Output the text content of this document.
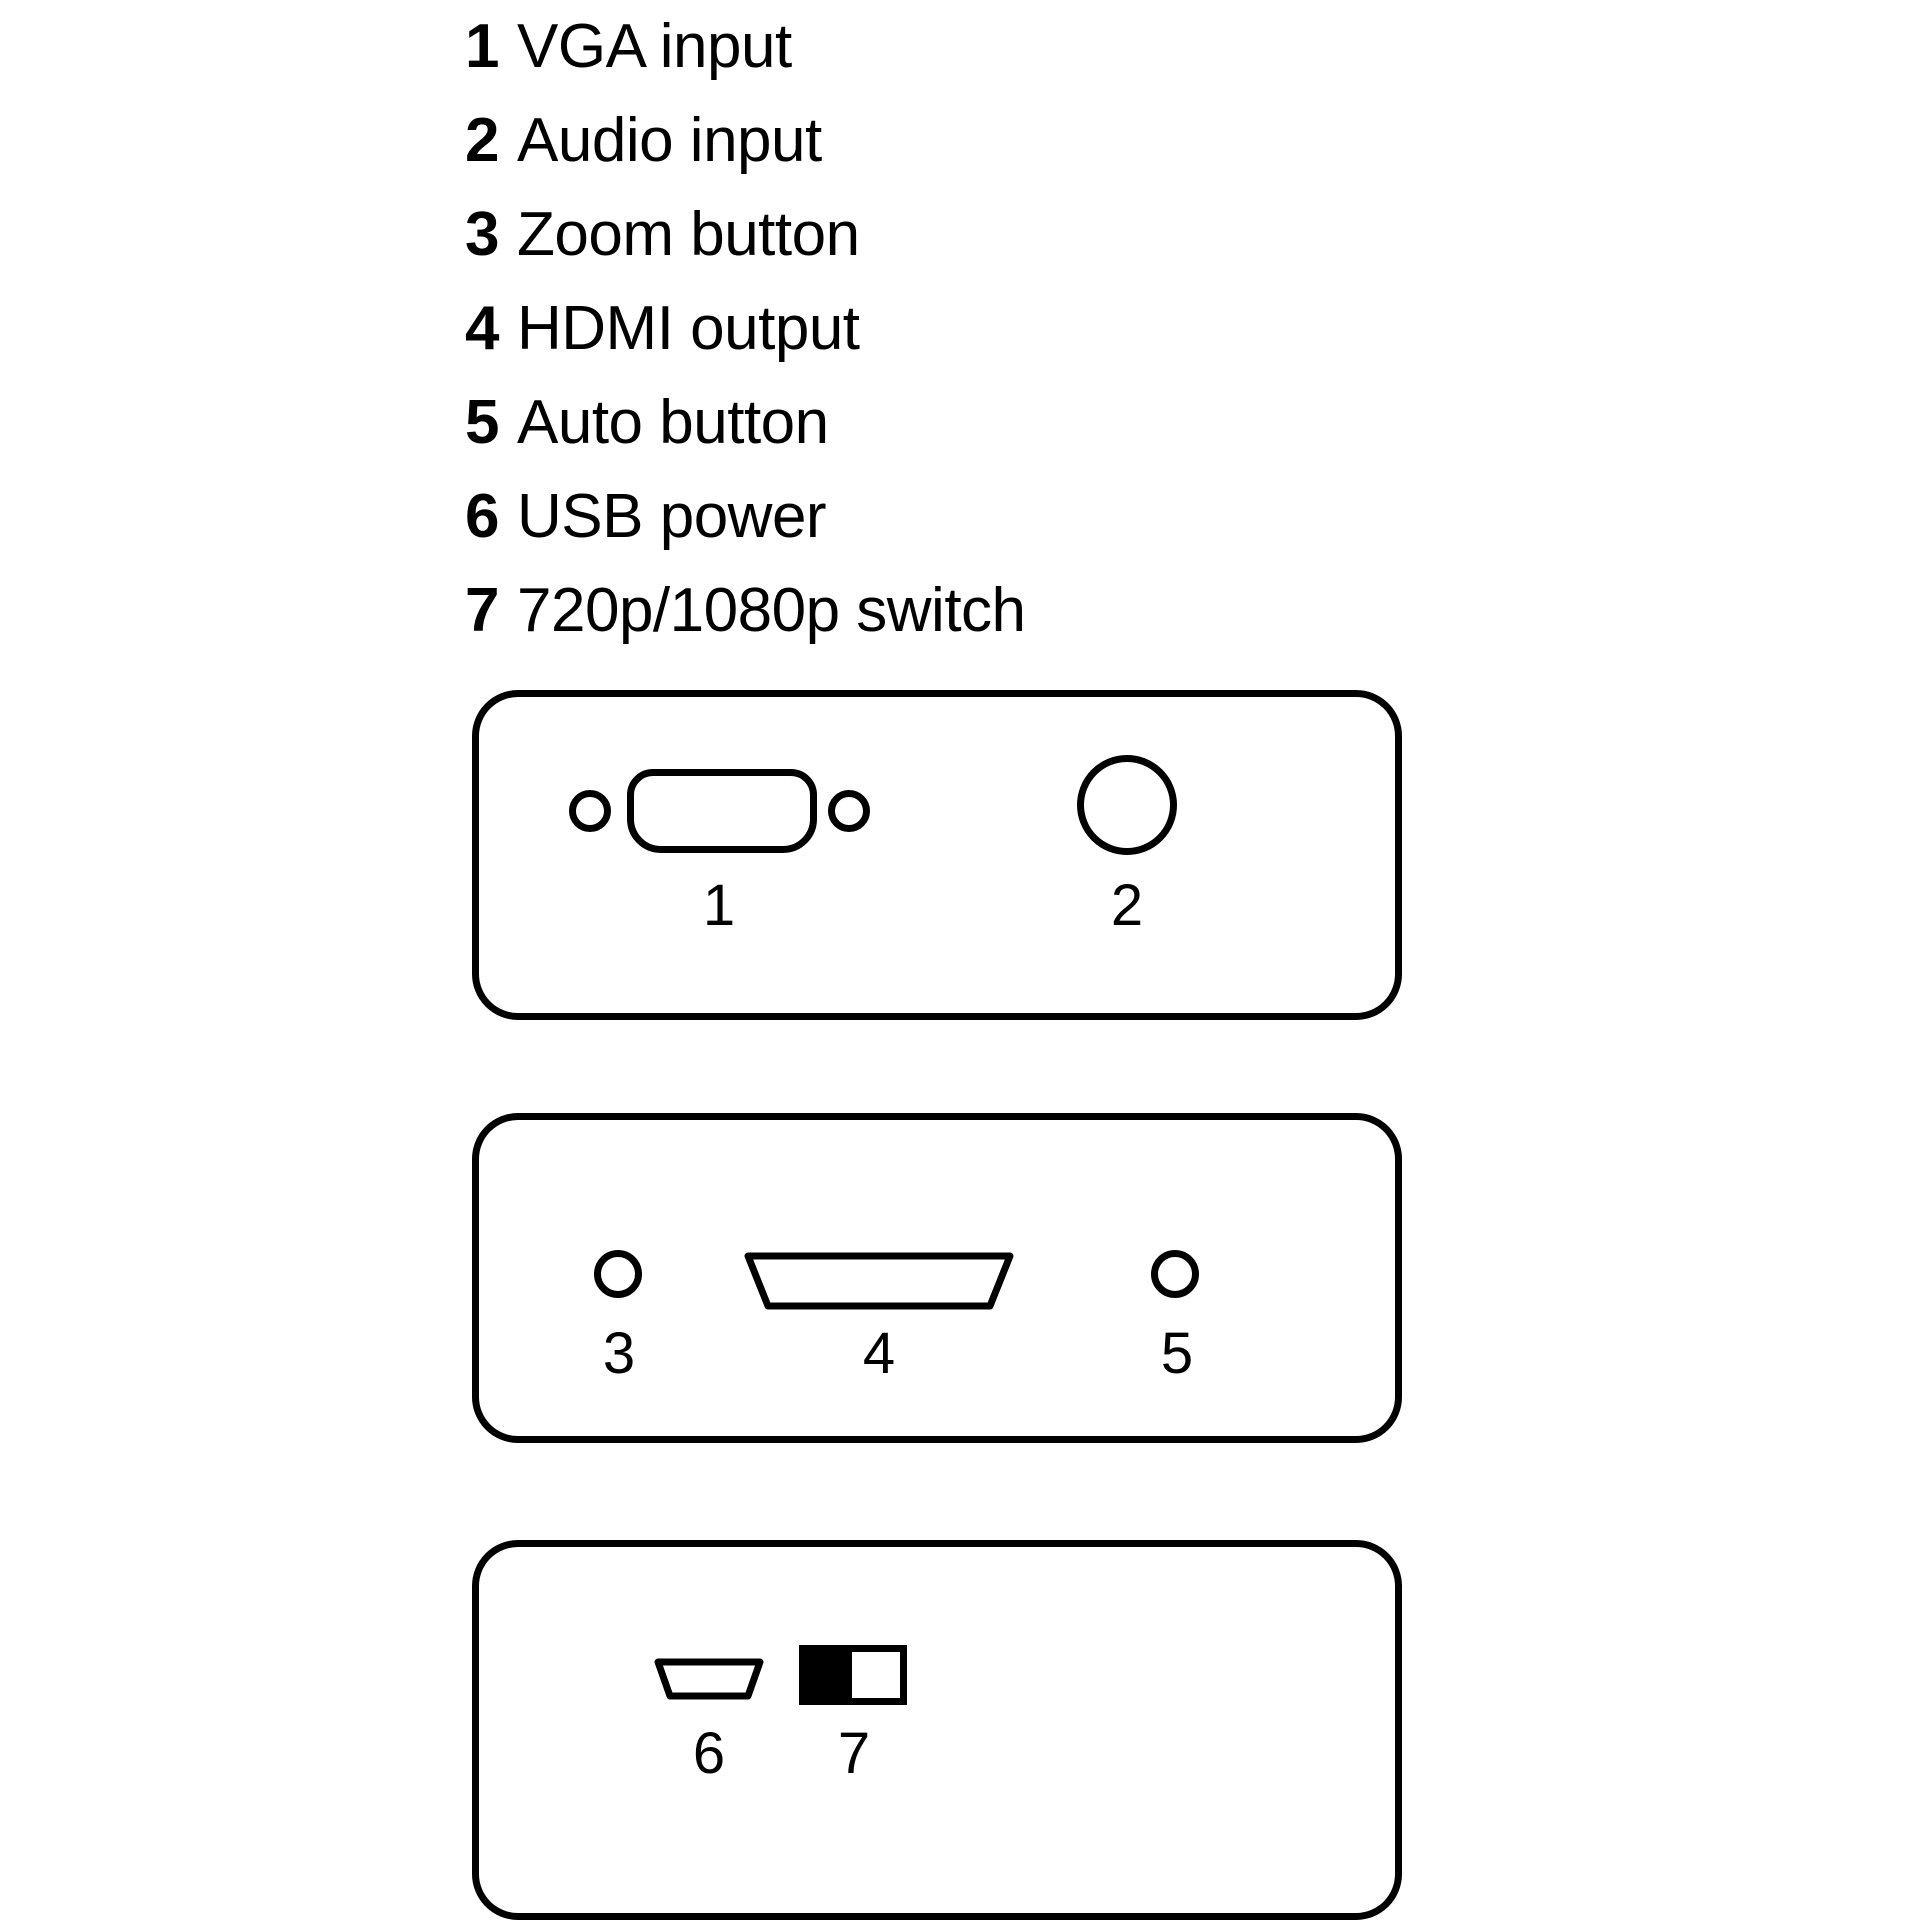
1 VGA input
2 Audio input
3 Zoom button
4 HDMI output
5 Auto button
6 USB power
7 720p/1080p switch
1	2
3	4	5
6	7
